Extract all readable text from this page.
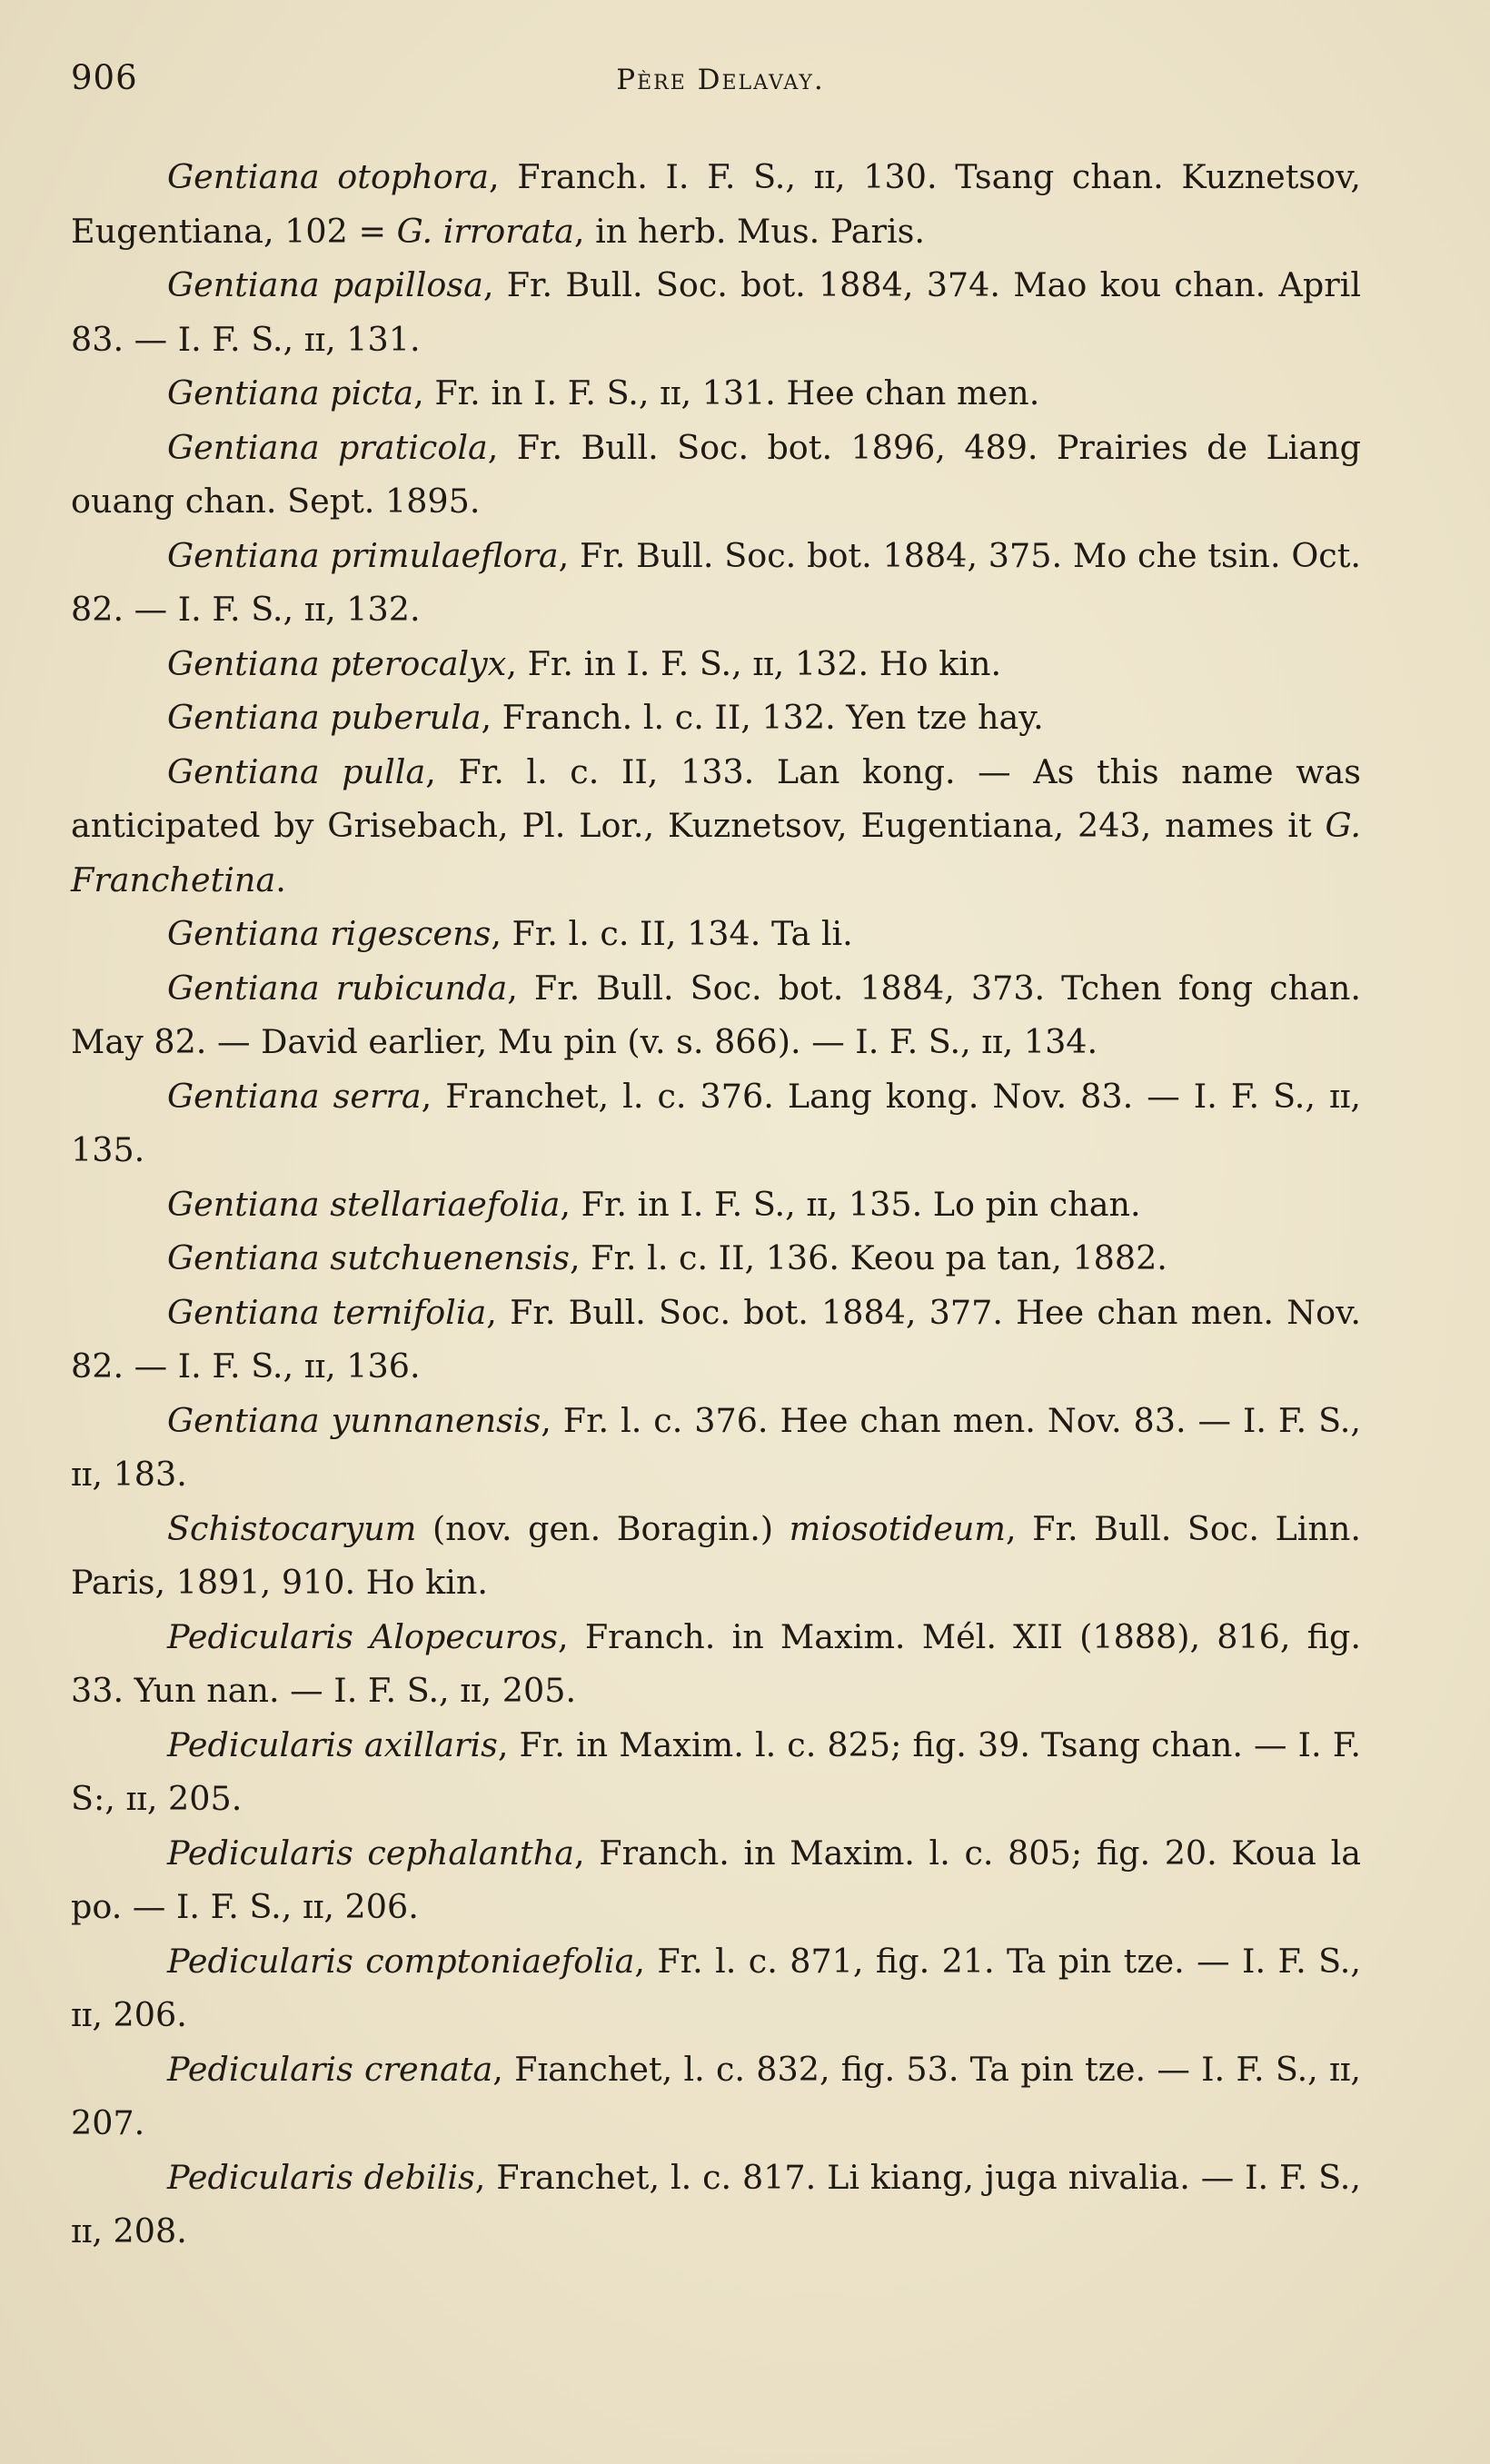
906	Père Delavay.

Gentiana otophora, Franch. I. F. S., ɪɪ, 130. Tsang chan. Kuznetsov, Eugentiana, 102 = G. irrorata, in herb. Mus. Paris.

Gentiana papillosa, Fr. Bull. Soc. bot. 1884, 374. Mao kou chan. April 83. — I. F. S., ɪɪ, 131.

Gentiana picta, Fr. in I. F. S., ɪɪ, 131. Hee chan men.

Gentiana praticola, Fr. Bull. Soc. bot. 1896, 489. Prairies de Liang ouang chan. Sept. 1895.

Gentiana primulaeflora, Fr. Bull. Soc. bot. 1884, 375. Mo che tsin. Oct. 82. — I. F. S., ɪɪ, 132.

Gentiana pterocalyx, Fr. in I. F. S., ɪɪ, 132. Ho kin.

Gentiana puberula, Franch. l. c. II, 132. Yen tze hay.

Gentiana pulla, Fr. l. c. II, 133. Lan kong. — As this name was anticipated by Grisebach, Pl. Lor., Kuznetsov, Eugentiana, 243, names it G. Franchetina.

Gentiana rigescens, Fr. l. c. II, 134. Ta li.

Gentiana rubicunda, Fr. Bull. Soc. bot. 1884, 373. Tchen fong chan. May 82. — David earlier, Mu pin (v. s. 866). — I. F. S., ɪɪ, 134.

Gentiana serra, Franchet, l. c. 376. Lang kong. Nov. 83. — I. F. S., ɪɪ, 135.

Gentiana stellariaefolia, Fr. in I. F. S., ɪɪ, 135. Lo pin chan.

Gentiana sutchuenensis, Fr. l. c. II, 136. Keou pa tan, 1882.

Gentiana ternifolia, Fr. Bull. Soc. bot. 1884, 377. Hee chan men. Nov. 82. — I. F. S., ɪɪ, 136.

Gentiana yunnanensis, Fr. l. c. 376. Hee chan men. Nov. 83. — I. F. S., ɪɪ, 183.

Schistocaryum (nov. gen. Boragin.) miosotideum, Fr. Bull. Soc. Linn. Paris, 1891, 910. Ho kin.

Pedicularis Alopecuros, Franch. in Maxim. Mél. XII (1888), 816, fig. 33. Yun nan. — I. F. S., ɪɪ, 205.

Pedicularis axillaris, Fr. in Maxim. l. c. 825; fig. 39. Tsang chan. — I. F. S:, ɪɪ, 205.

Pedicularis cephalantha, Franch. in Maxim. l. c. 805; fig. 20. Koua la po. — I. F. S., ɪɪ, 206.

Pedicularis comptoniaefolia, Fr. l. c. 871, fig. 21. Ta pin tze. — I. F. S., ɪɪ, 206.

Pedicularis crenata, Fɪanchet, l. c. 832, fig. 53. Ta pin tze. — I. F. S., ɪɪ, 207.

Pedicularis debilis, Franchet, l. c. 817. Li kiang, juga nivalia. — I. F. S., ɪɪ, 208.
